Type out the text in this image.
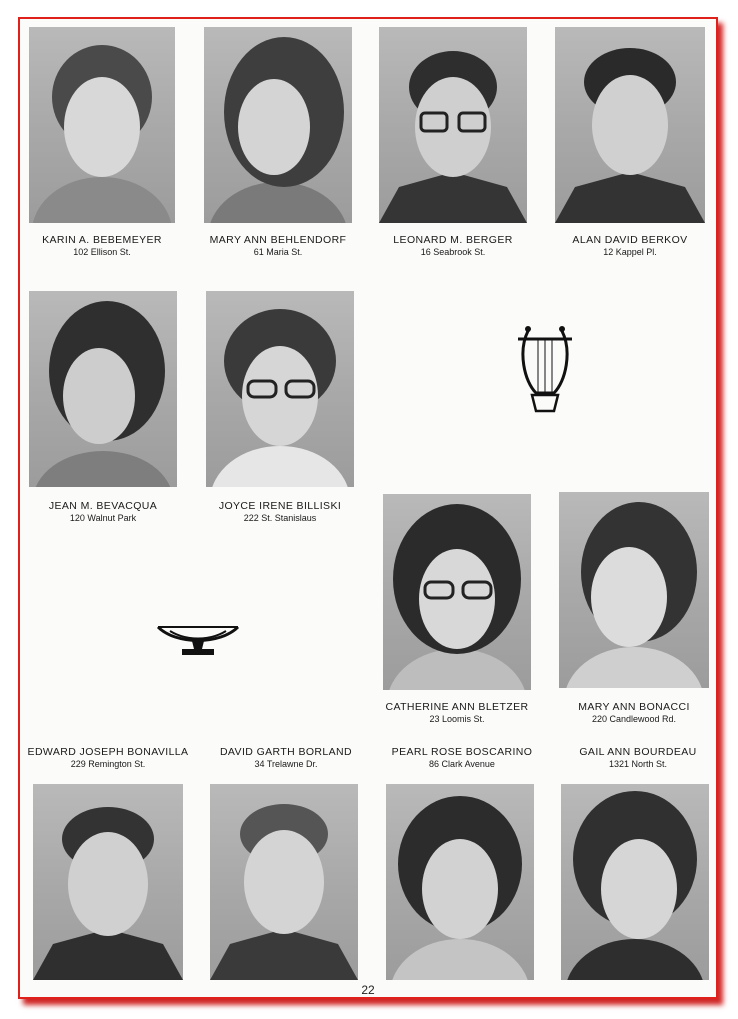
KARIN A. BEBEMEYER
102 Ellison St.
MARY ANN BEHLENDORF
61 Maria St.
LEONARD M. BERGER
16 Seabrook St.
ALAN DAVID BERKOV
12 Kappel Pl.
JEAN M. BEVACQUA
120 Walnut Park
JOYCE IRENE BILLISKI
222 St. Stanislaus
CATHERINE ANN BLETZER
23 Loomis St.
MARY ANN BONACCI
220 Candlewood Rd.
EDWARD JOSEPH BONAVILLA
229 Remington St.
DAVID GARTH BORLAND
34 Trelawne Dr.
PEARL ROSE BOSCARINO
86 Clark Avenue
GAIL ANN BOURDEAU
1321 North St.
22
